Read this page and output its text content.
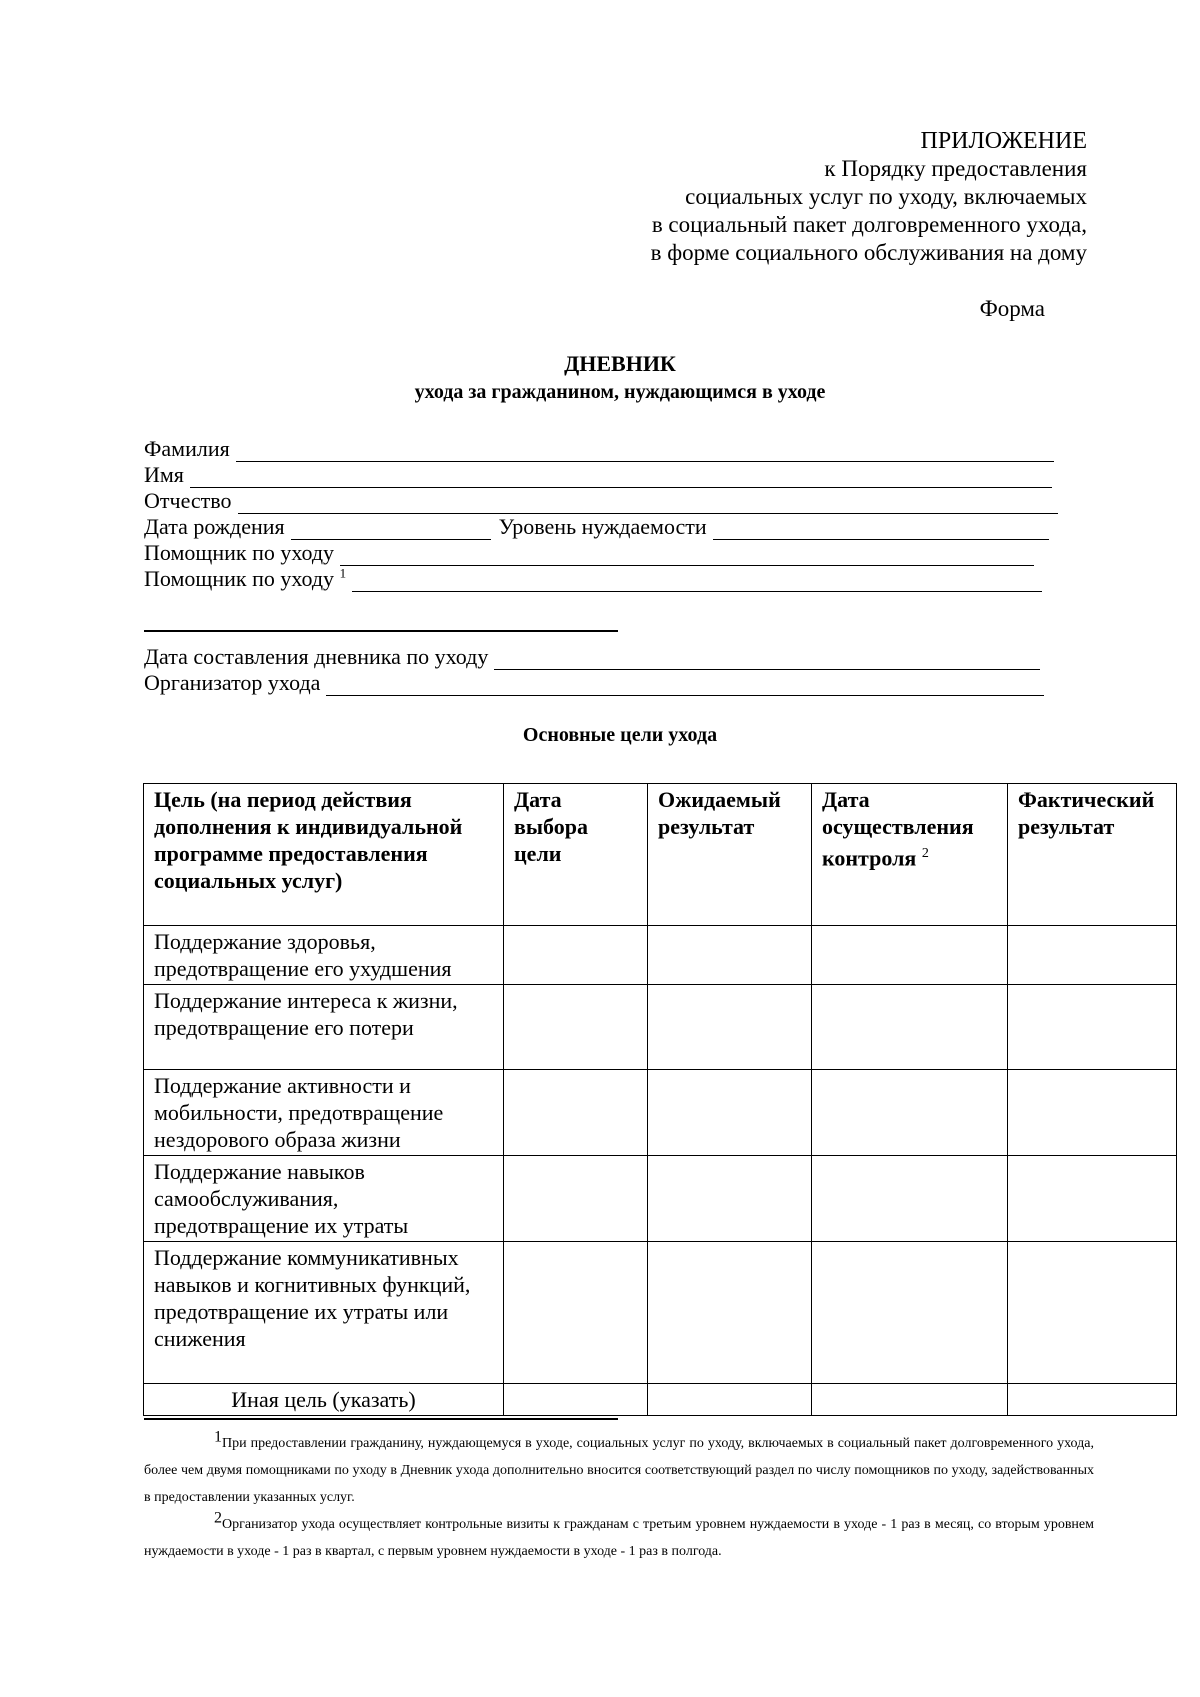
ПРИЛОЖЕНИЕ
к Порядку предоставления
социальных услуг по уходу, включаемых
в социальный пакет долговременного ухода,
в форме социального обслуживания на дому
Форма
ДНЕВНИК
ухода за гражданином, нуждающимся в уходе
Фамилия
Имя
Отчество
Дата рождения	Уровень нуждаемости
Помощник по уходу
Помощник по уходу $^1$
Дата составления дневника по уходу
Организатор ухода
Основные цели ухода
Цель (на период действия дополнения к индивидуальной программе предоставления социальных услуг)	Дата выбора цели	Ожидаемый результат	Дата осуществления контроля $^2$	Фактический результат
Поддержание здоровья, предотвращение его ухудшения				
Поддержание интереса к жизни, предотвращение его потери				
Поддержание активности и мобильности, предотвращение нездорового образа жизни				
Поддержание навыков самообслуживания, предотвращение их утраты				
Поддержание коммуникативных навыков и когнитивных функций, предотвращение их утраты или снижения				
Иная цель (указать)				

1При предоставлении гражданину, нуждающемуся в уходе, социальных услуг по уходу, включаемых в социальный пакет долговременного ухода, более чем двумя помощниками по уходу в Дневник ухода дополнительно вносится соответствующий раздел по числу помощников по уходу, задействованных в предоставлении указанных услуг.

2Организатор ухода осуществляет контрольные визиты к гражданам с третьим уровнем нуждаемости в уходе - 1 раз в месяц, со вторым уровнем нуждаемости в уходе - 1 раз в квартал, с первым уровнем нуждаемости в уходе - 1 раз в полгода.
